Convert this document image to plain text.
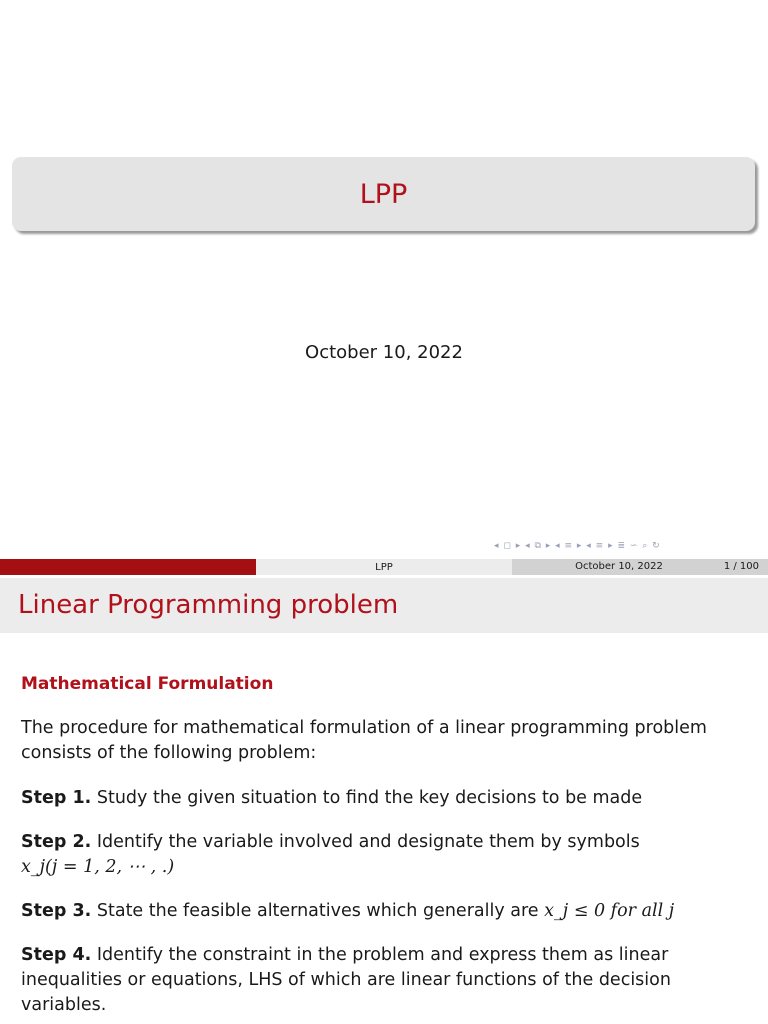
LPP
October 10, 2022
◂ ◻ ▸ ◂ ⧉ ▸ ◂ ≡ ▸ ◂ ≡ ▸ ≣ ∽ ⌕ ↻
LPP	October 10, 2022	1 / 100
Linear Programming problem
Mathematical Formulation
The procedure for mathematical formulation of a linear programming problem consists of the following problem:
Step 1. Study the given situation to find the key decisions to be made
Step 2. Identify the variable involved and designate them by symbols
x_j(j = 1, 2, ⋯ , .)
Step 3. State the feasible alternatives which generally are x_j ≤ 0 for all j
Step 4. Identify the constraint in the problem and express them as linear inequalities or equations, LHS of which are linear functions of the decision variables.
